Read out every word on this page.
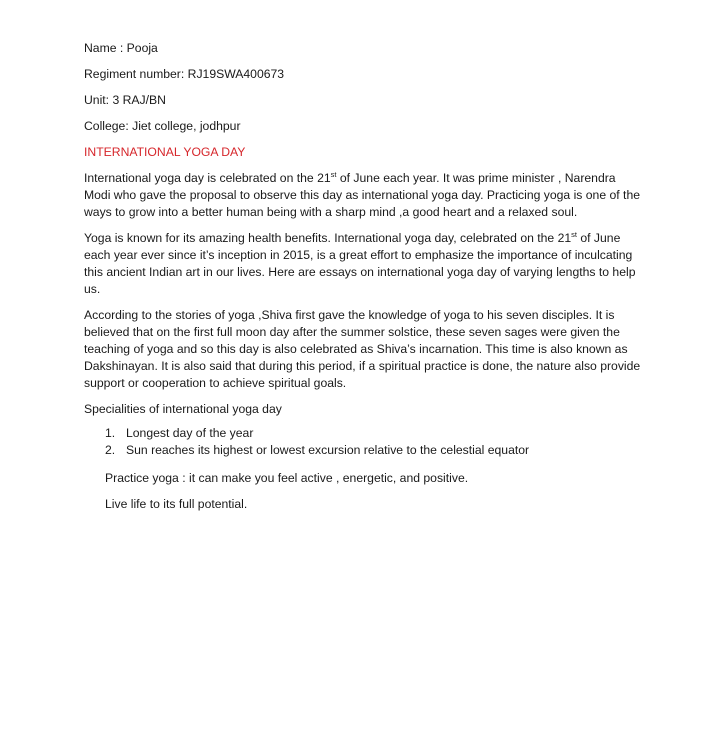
Name : Pooja
Regiment number: RJ19SWA400673
Unit: 3 RAJ/BN
College: Jiet college, jodhpur
INTERNATIONAL YOGA DAY
International yoga day is celebrated on the 21st of June each year. It was prime minister , Narendra Modi who gave the proposal to observe this day as international yoga day. Practicing yoga is one of the ways to grow into a better human being with a sharp mind ,a good heart and a relaxed soul.
Yoga is known for its amazing health benefits. International yoga day, celebrated on the 21st of June each year ever since it’s inception in 2015, is a great effort to emphasize the importance of inculcating this ancient Indian art in our lives. Here are essays on international yoga day of varying lengths to help us.
According to the stories of yoga ,Shiva first gave the knowledge of yoga to his seven disciples. It is believed that on the first full moon day after the summer solstice, these seven sages were given the teaching of yoga and so this day is also celebrated as Shiva’s incarnation. This time is also known as Dakshinayan. It is also said that during this period, if a spiritual practice is done, the nature also provide support or cooperation to achieve spiritual goals.
Specialities of international yoga day
1. Longest day of the year
2. Sun reaches its highest or lowest excursion relative to the celestial equator
Practice yoga : it can make you feel active , energetic, and positive.
Live life to its full potential.
